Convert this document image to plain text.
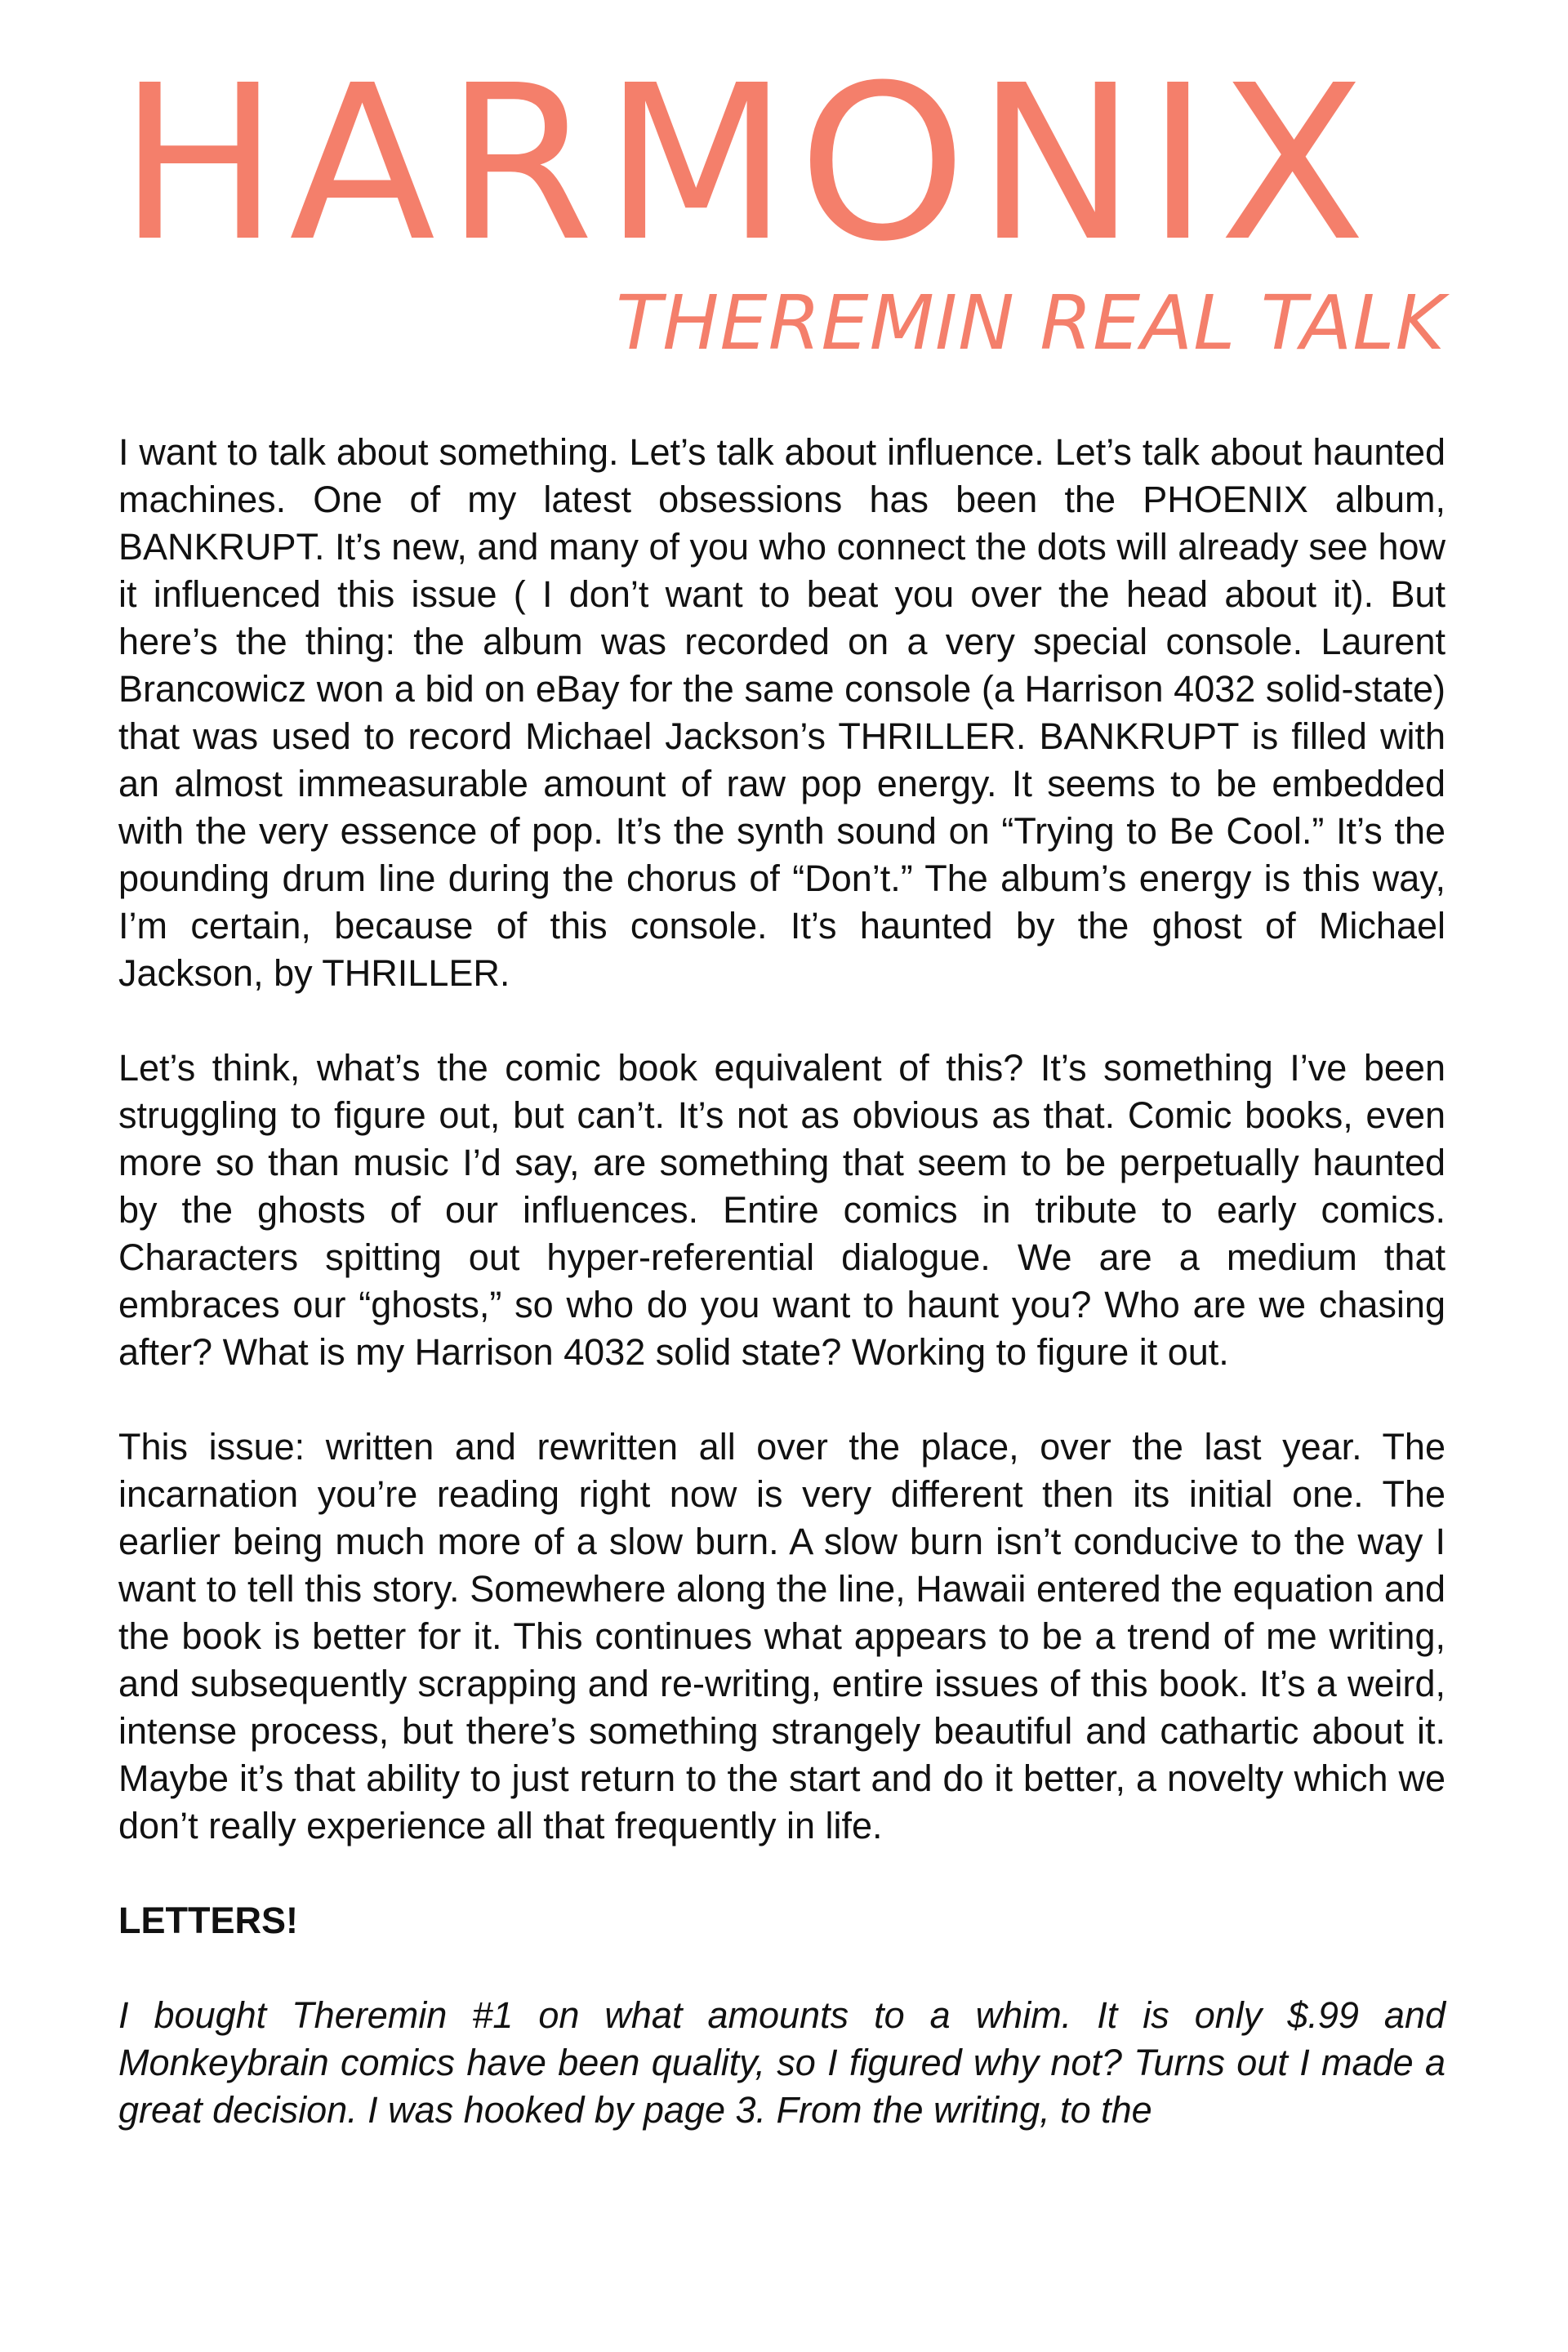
HARMONIX
THEREMIN REAL TALK

I want to talk about something. Let’s talk about influence. Let’s talk about haunted machines. One of my latest obsessions has been the PHOENIX album, BANKRUPT. It’s new, and many of you who connect the dots will already see how it influenced this issue ( I don’t want to beat you over the head about it). But here’s the thing: the album was recorded on a very special console. Laurent Brancowicz won a bid on eBay for the same console (a Harrison 4032 solid-state) that was used to record Michael Jackson’s THRILLER. BANKRUPT is filled with an almost immeasurable amount of raw pop energy. It seems to be embedded with the very essence of pop. It’s the synth sound on “Trying to Be Cool.” It’s the pounding drum line during the chorus of “Don’t.” The album’s energy is this way, I’m certain, because of this console. It’s haunted by the ghost of Michael Jackson, by THRILLER.

Let’s think, what’s the comic book equivalent of this? It’s something I’ve been struggling to figure out, but can’t. It’s not as obvious as that. Comic books, even more so than music I’d say, are something that seem to be perpetually haunted by the ghosts of our influences. Entire comics in tribute to early comics. Characters spitting out hyper-referential dialogue. We are a medium that embraces our “ghosts,” so who do you want to haunt you? Who are we chasing after? What is my Harrison 4032 solid state? Working to figure it out.

This issue: written and rewritten all over the place, over the last year. The incarnation you’re reading right now is very different then its initial one. The earlier being much more of a slow burn. A slow burn isn’t conducive to the way I want to tell this story. Somewhere along the line, Hawaii entered the equation and the book is better for it. This continues what appears to be a trend of me writing, and subsequently scrapping and re-writing, entire issues of this book. It’s a weird, intense process, but there’s something strangely beautiful and cathartic about it. Maybe it’s that ability to just return to the start and do it better, a novelty which we don’t really experience all that frequently in life.

LETTERS!

I bought Theremin #1 on what amounts to a whim. It is only $.99 and Monkeybrain comics have been quality, so I figured why not? Turns out I made a great decision. I was hooked by page 3. From the writing, to the
